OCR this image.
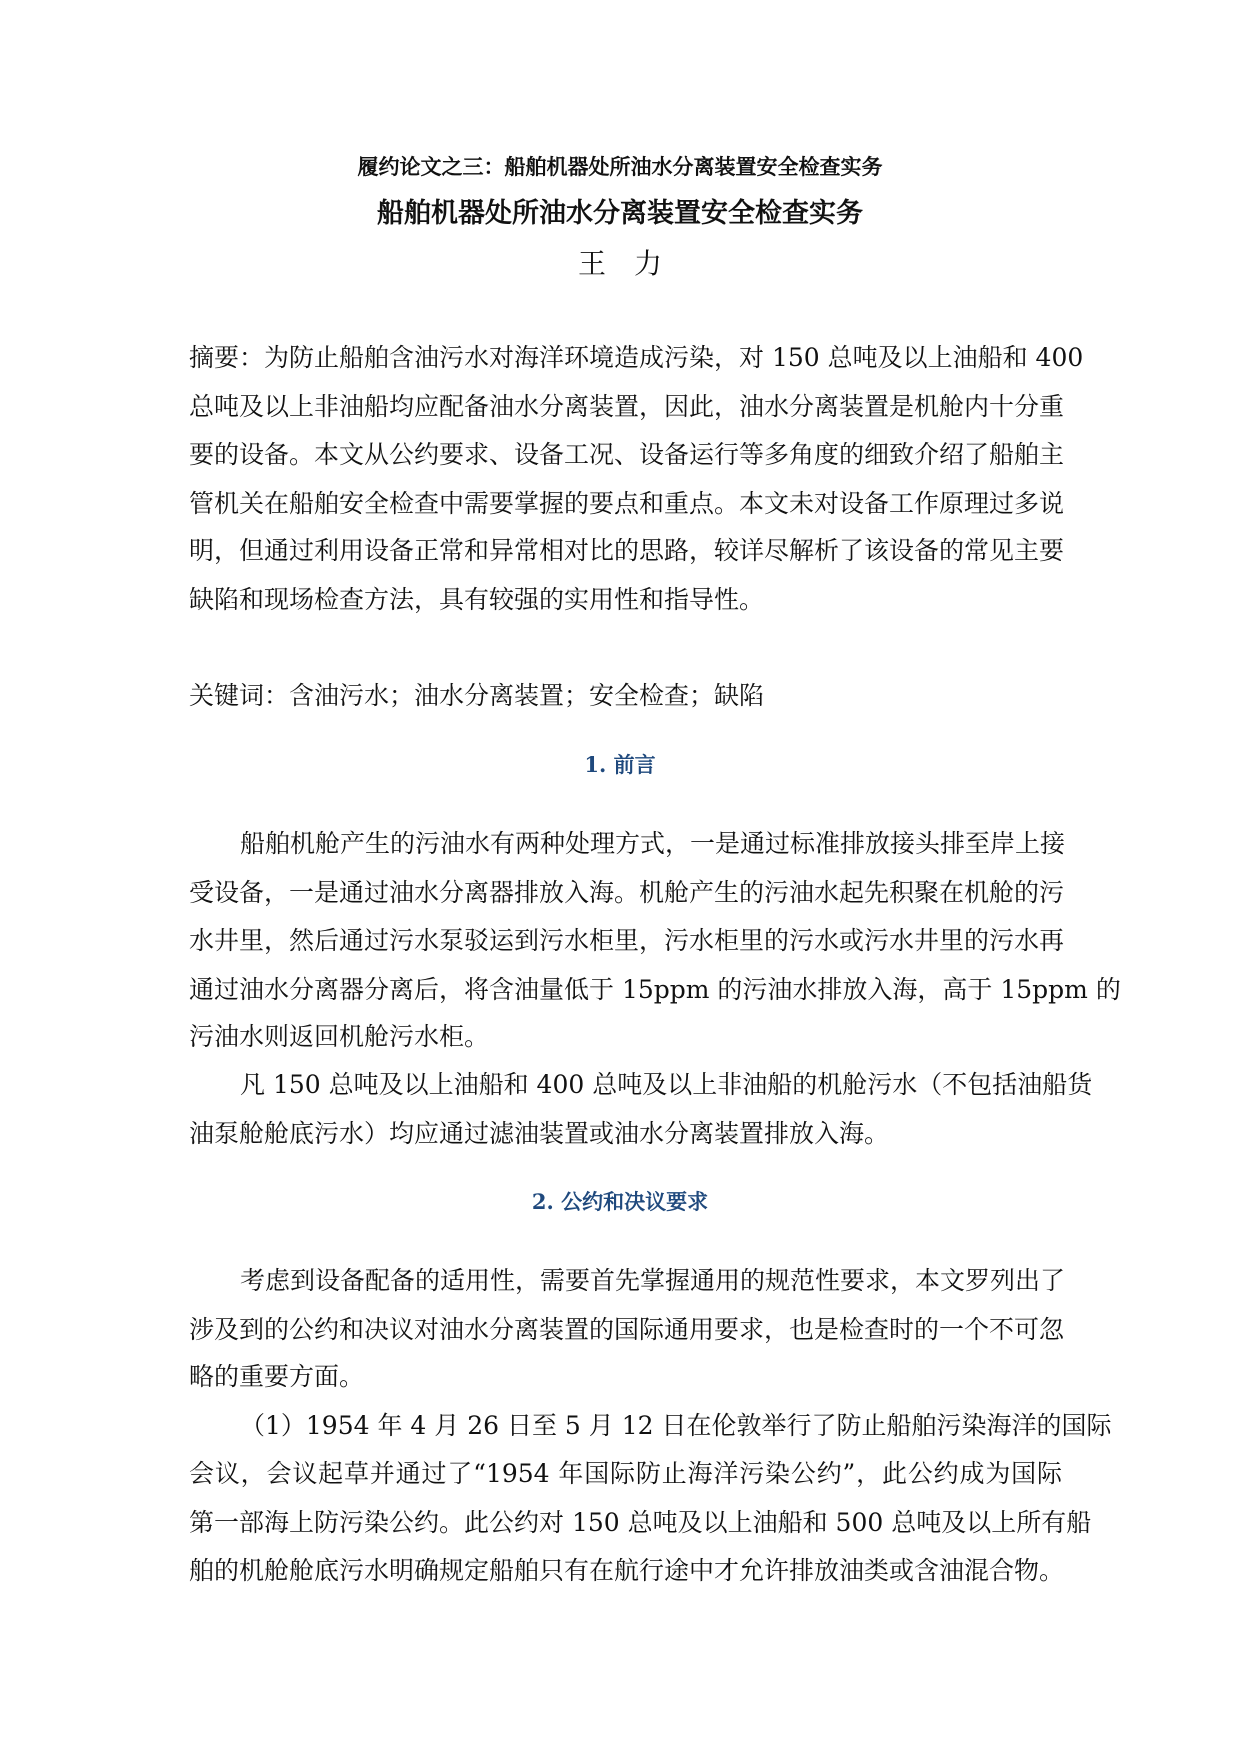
履约论文之三：船舶机器处所油水分离装置安全检查实务
船舶机器处所油水分离装置安全检查实务
王力
1. 前言
2. 公约和决议要求
摘要：为防止船舶含油污水对海洋环境造成污染，对 150 总吨及以上油船和 400
总吨及以上非油船均应配备油水分离装置，因此，油水分离装置是机舱内十分重
要的设备。本文从公约要求、设备工况、设备运行等多角度的细致介绍了船舶主
管机关在船舶安全检查中需要掌握的要点和重点。本文未对设备工作原理过多说
明，但通过利用设备正常和异常相对比的思路，较详尽解析了该设备的常见主要
缺陷和现场检查方法，具有较强的实用性和指导性。
关键词：含油污水；油水分离装置；安全检查；缺陷
船舶机舱产生的污油水有两种处理方式，一是通过标准排放接头排至岸上接
受设备，一是通过油水分离器排放入海。机舱产生的污油水起先积聚在机舱的污
水井里，然后通过污水泵驳运到污水柜里，污水柜里的污水或污水井里的污水再
通过油水分离器分离后，将含油量低于 15ppm 的污油水排放入海，高于 15ppm 的
污油水则返回机舱污水柜。
凡 150 总吨及以上油船和 400 总吨及以上非油船的机舱污水（不包括油船货
油泵舱舱底污水）均应通过滤油装置或油水分离装置排放入海。
考虑到设备配备的适用性，需要首先掌握通用的规范性要求，本文罗列出了
涉及到的公约和决议对油水分离装置的国际通用要求，也是检查时的一个不可忽
略的重要方面。
（1）1954 年 4 月 26 日至 5 月 12 日在伦敦举行了防止船舶污染海洋的国际
会议，会议起草并通过了“1954 年国际防止海洋污染公约”，此公约成为国际
第一部海上防污染公约。此公约对 150 总吨及以上油船和 500 总吨及以上所有船
舶的机舱舱底污水明确规定船舶只有在航行途中才允许排放油类或含油混合物。
